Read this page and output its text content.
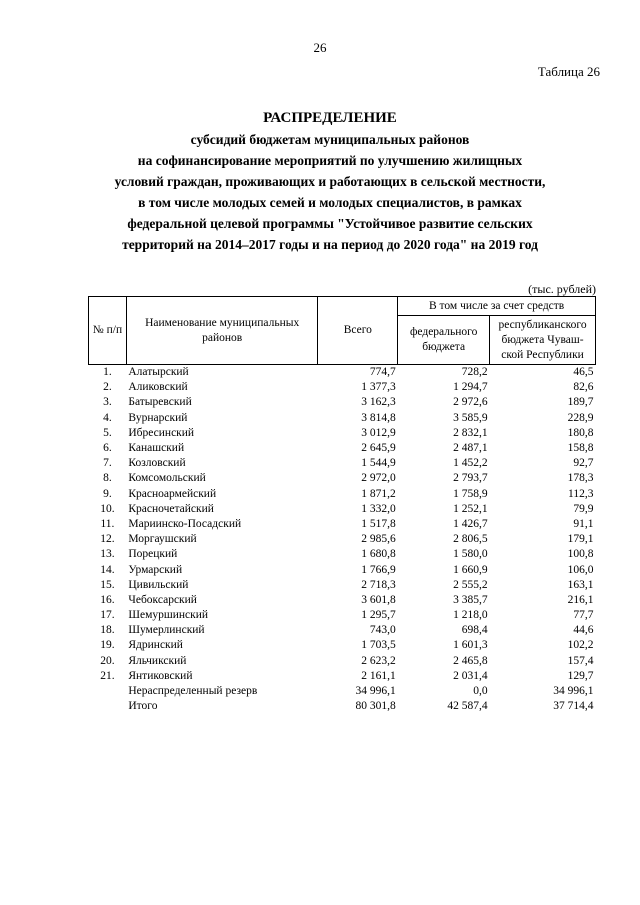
26
Таблица 26
РАСПРЕДЕЛЕНИЕ
субсидий бюджетам муниципальных районов
на софинансирование мероприятий по улучшению жилищных
условий граждан, проживающих и работающих в сельской местности,
в том числе молодых семей и молодых специалистов, в рамках
федеральной целевой программы "Устойчивое развитие сельских
территорий на 2014–2017 годы и на период до 2020 года" на 2019 год
(тыс. рублей)
№ п/п	Наименование муниципальных районов	Всего	В том числе за счет средств	
			федерального бюджета	республиканского бюджета Чуваш-ской Республики
1.	Алатырский	774,7	728,2	46,5
2.	Аликовский	1 377,3	1 294,7	82,6
3.	Батыревский	3 162,3	2 972,6	189,7
4.	Вурнарский	3 814,8	3 585,9	228,9
5.	Ибресинский	3 012,9	2 832,1	180,8
6.	Канашский	2 645,9	2 487,1	158,8
7.	Козловский	1 544,9	1 452,2	92,7
8.	Комсомольский	2 972,0	2 793,7	178,3
9.	Красноармейский	1 871,2	1 758,9	112,3
10.	Красночетайский	1 332,0	1 252,1	79,9
11.	Мариинско-Посадский	1 517,8	1 426,7	91,1
12.	Моргаушский	2 985,6	2 806,5	179,1
13.	Порецкий	1 680,8	1 580,0	100,8
14.	Урмарский	1 766,9	1 660,9	106,0
15.	Цивильский	2 718,3	2 555,2	163,1
16.	Чебоксарский	3 601,8	3 385,7	216,1
17.	Шемуршинский	1 295,7	1 218,0	77,7
18.	Шумерлинский	743,0	698,4	44,6
19.	Ядринский	1 703,5	1 601,3	102,2
20.	Яльчикский	2 623,2	2 465,8	157,4
21.	Янтиковский	2 161,1	2 031,4	129,7
	Нераспределенный резерв	34 996,1	0,0	34 996,1
	Итого	80 301,8	42 587,4	37 714,4
